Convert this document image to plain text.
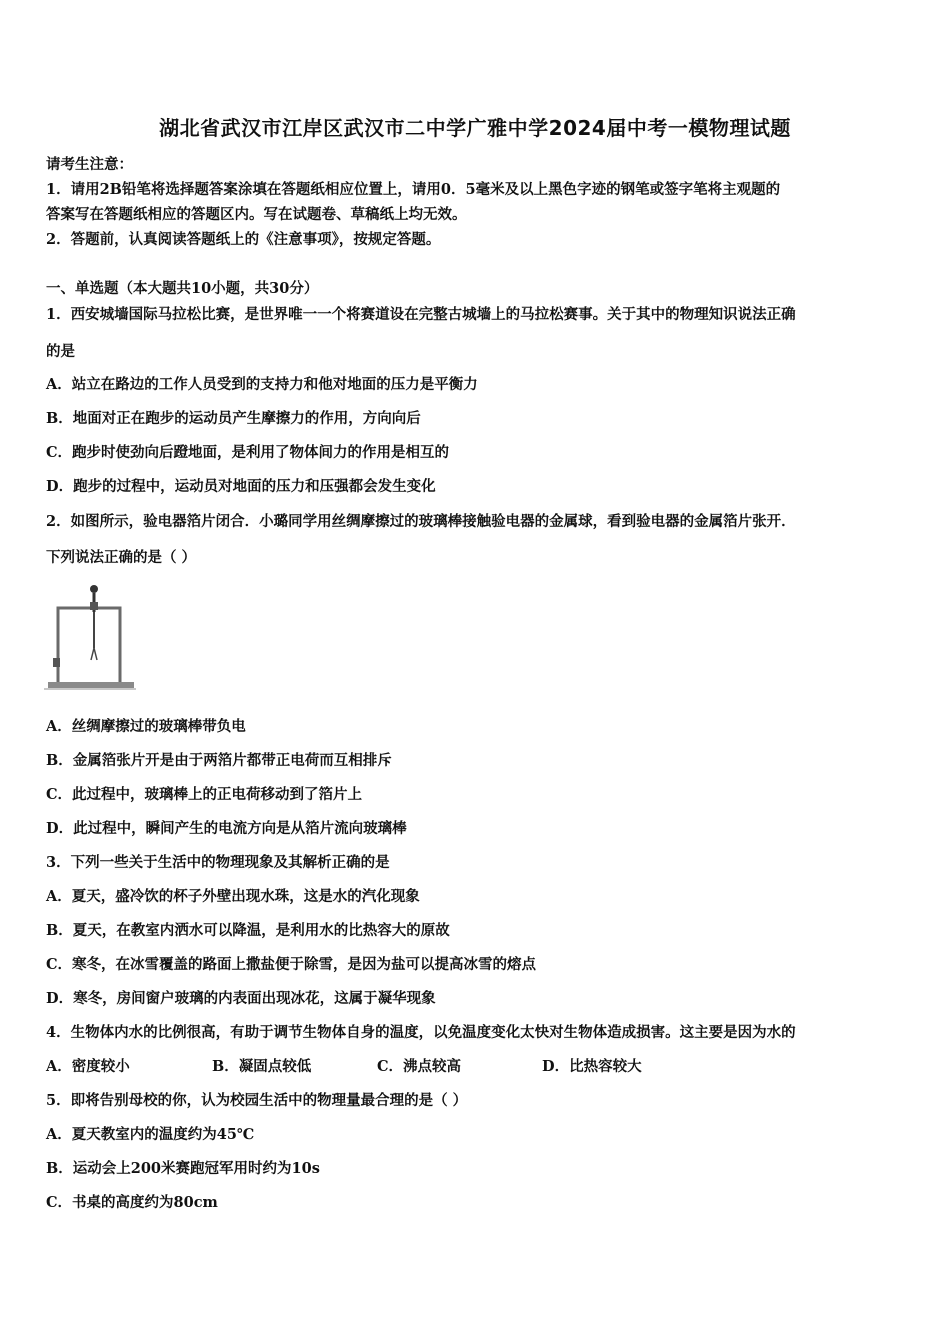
湖北省武汉市江岸区武汉市二中学广雅中学2024届中考一模物理试题
请考生注意：
1．请用2B铅笔将选择题答案涂填在答题纸相应位置上，请用0．5毫米及以上黑色字迹的钢笔或签字笔将主观题的
答案写在答题纸相应的答题区内。写在试题卷、草稿纸上均无效。
2．答题前，认真阅读答题纸上的《注意事项》，按规定答题。
一、单选题（本大题共10小题，共30分）
1．西安城墙国际马拉松比赛，是世界唯一一个将赛道设在完整古城墙上的马拉松赛事。关于其中的物理知识说法正确
的是
A．站立在路边的工作人员受到的支持力和他对地面的压力是平衡力
B．地面对正在跑步的运动员产生摩擦力的作用，方向向后
C．跑步时使劲向后蹬地面，是利用了物体间力的作用是相互的
D．跑步的过程中，运动员对地面的压力和压强都会发生变化
2．如图所示，验电器箔片闭合．小璐同学用丝绸摩擦过的玻璃棒接触验电器的金属球，看到验电器的金属箔片张开．
下列说法正确的是（ ）
A．丝绸摩擦过的玻璃棒带负电
B．金属箔张片开是由于两箔片都带正电荷而互相排斥
C．此过程中，玻璃棒上的正电荷移动到了箔片上
D．此过程中，瞬间产生的电流方向是从箔片流向玻璃棒
3．下列一些关于生活中的物理现象及其解析正确的是
A．夏天，盛冷饮的杯子外壁出现水珠，这是水的汽化现象
B．夏天，在教室内洒水可以降温，是利用水的比热容大的原故
C．寒冬，在冰雪覆盖的路面上撒盐便于除雪，是因为盐可以提高冰雪的熔点
D．寒冬，房间窗户玻璃的内表面出现冰花，这属于凝华现象
4．生物体内水的比例很高，有助于调节生物体自身的温度，以免温度变化太快对生物体造成损害。这主要是因为水的
A．密度较小	B．凝固点较低	C．沸点较高	D．比热容较大
5．即将告别母校的你，认为校园生活中的物理量最合理的是（ ）
A．夏天教室内的温度约为45℃
B．运动会上200米赛跑冠军用时约为10s
C．书桌的高度约为80cm
